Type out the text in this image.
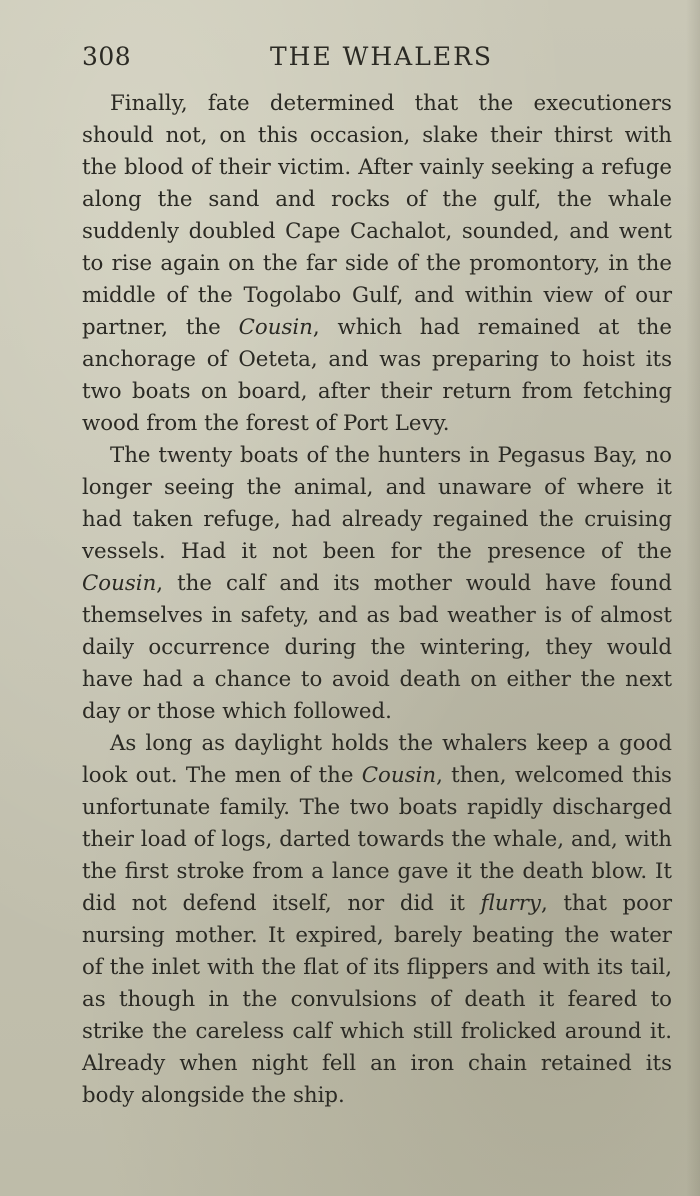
308	THE WHALERS

Finally, fate determined that the executioners should not, on this occasion, slake their thirst with the blood of their victim. After vainly seeking a refuge along the sand and rocks of the gulf, the whale suddenly doubled Cape Cachalot, sounded, and went to rise again on the far side of the promontory, in the middle of the Togolabo Gulf, and within view of our partner, the Cousin, which had remained at the anchorage of Oeteta, and was preparing to hoist its two boats on board, after their return from fetching wood from the forest of Port Levy.

The twenty boats of the hunters in Pegasus Bay, no longer seeing the animal, and unaware of where it had taken refuge, had already regained the cruising vessels. Had it not been for the presence of the Cousin, the calf and its mother would have found themselves in safety, and as bad weather is of almost daily occurrence during the wintering, they would have had a chance to avoid death on either the next day or those which followed.

As long as daylight holds the whalers keep a good look out. The men of the Cousin, then, welcomed this unfortunate family. The two boats rapidly discharged their load of logs, darted towards the whale, and, with the first stroke from a lance gave it the death blow. It did not defend itself, nor did it flurry, that poor nursing mother. It expired, barely beating the water of the inlet with the flat of its flippers and with its tail, as though in the convulsions of death it feared to strike the careless calf which still frolicked around it. Already when night fell an iron chain retained its body alongside the ship.
